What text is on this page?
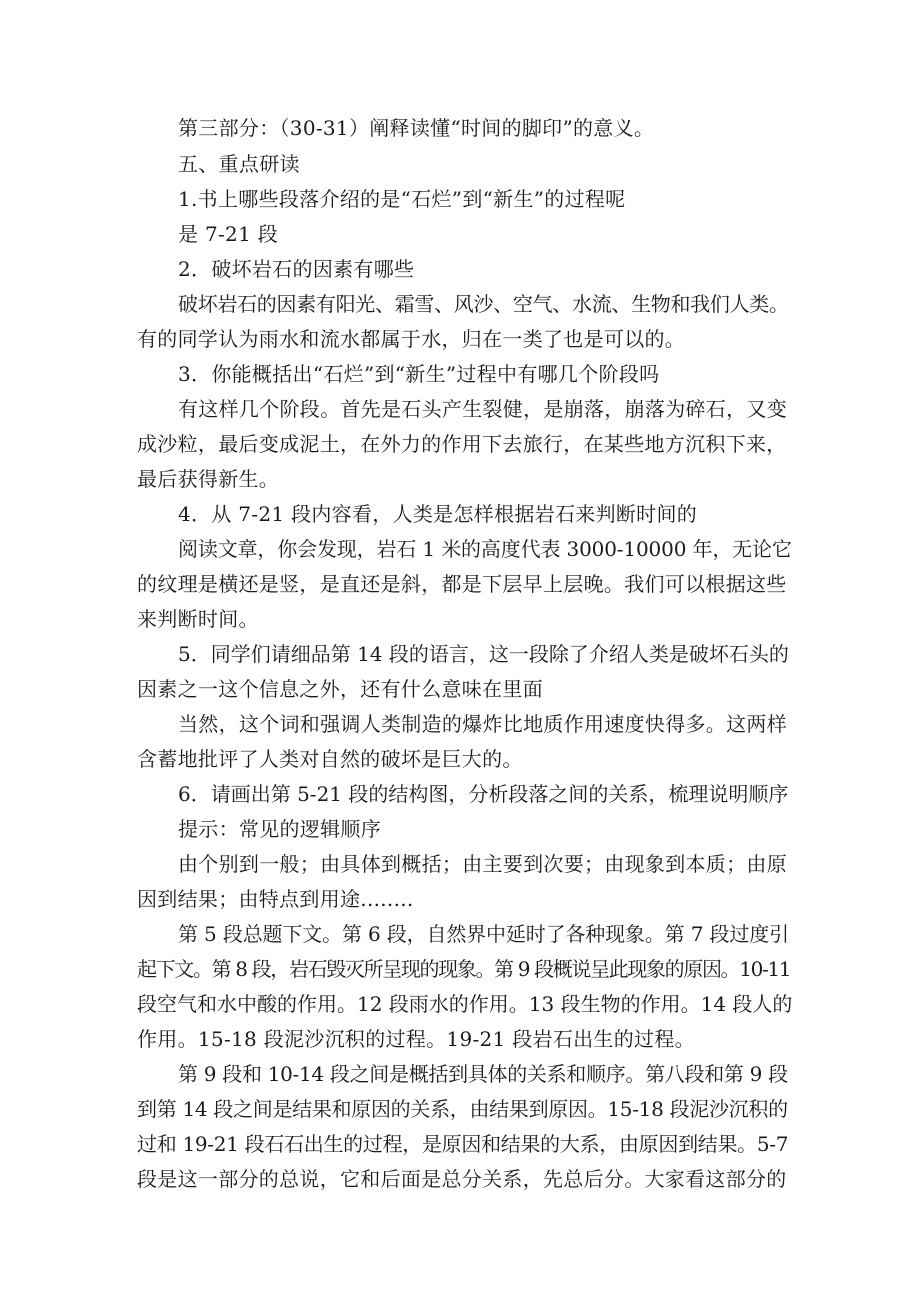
第三部分：（30-31）阐释读懂“时间的脚印”的意义。
五、重点研读
1.书上哪些段落介绍的是“石烂”到“新生”的过程呢
是 7-21 段
2．破坏岩石的因素有哪些
破坏岩石的因素有阳光、霜雪、风沙、空气、水流、生物和我们人类。
有的同学认为雨水和流水都属于水，归在一类了也是可以的。
3．你能概括出“石烂”到“新生”过程中有哪几个阶段吗
有这样几个阶段。首先是石头产生裂健，是崩落，崩落为碎石，又变
成沙粒，最后变成泥土，在外力的作用下去旅行，在某些地方沉积下来，
最后获得新生。
4．从 7-21 段内容看，人类是怎样根据岩石来判断时间的
阅读文章，你会发现，岩石 1 米的高度代表 3000-10000 年，无论它
的纹理是横还是竖，是直还是斜，都是下层早上层晚。我们可以根据这些
来判断时间。
5．同学们请细品第 14 段的语言，这一段除了介绍人类是破坏石头的
因素之一这个信息之外，还有什么意味在里面
当然，这个词和强调人类制造的爆炸比地质作用速度快得多。这两样
含蓄地批评了人类对自然的破坏是巨大的。
6．请画出第 5-21 段的结构图，分析段落之间的关系，梳理说明顺序
提示：常见的逻辑顺序
由个别到一般；由具体到概括；由主要到次要；由现象到本质；由原
因到结果；由特点到用途........
第 5 段总题下文。第 6 段，自然界中延时了各种现象。第 7 段过度引
起下文。第 8 段，岩石毁灭所呈现的现象。第 9 段概说呈此现象的原因。10-11
段空气和水中酸的作用。12 段雨水的作用。13 段生物的作用。14 段人的
作用。15-18 段泥沙沉积的过程。19-21 段岩石出生的过程。
第 9 段和 10-14 段之间是概括到具体的关系和顺序。第八段和第 9 段
到第 14 段之间是结果和原因的关系，由结果到原因。15-18 段泥沙沉积的
过和 19-21 段石石出生的过程，是原因和结果的大系，由原因到结果。5-7
段是这一部分的总说，它和后面是总分关系，先总后分。大家看这部分的
